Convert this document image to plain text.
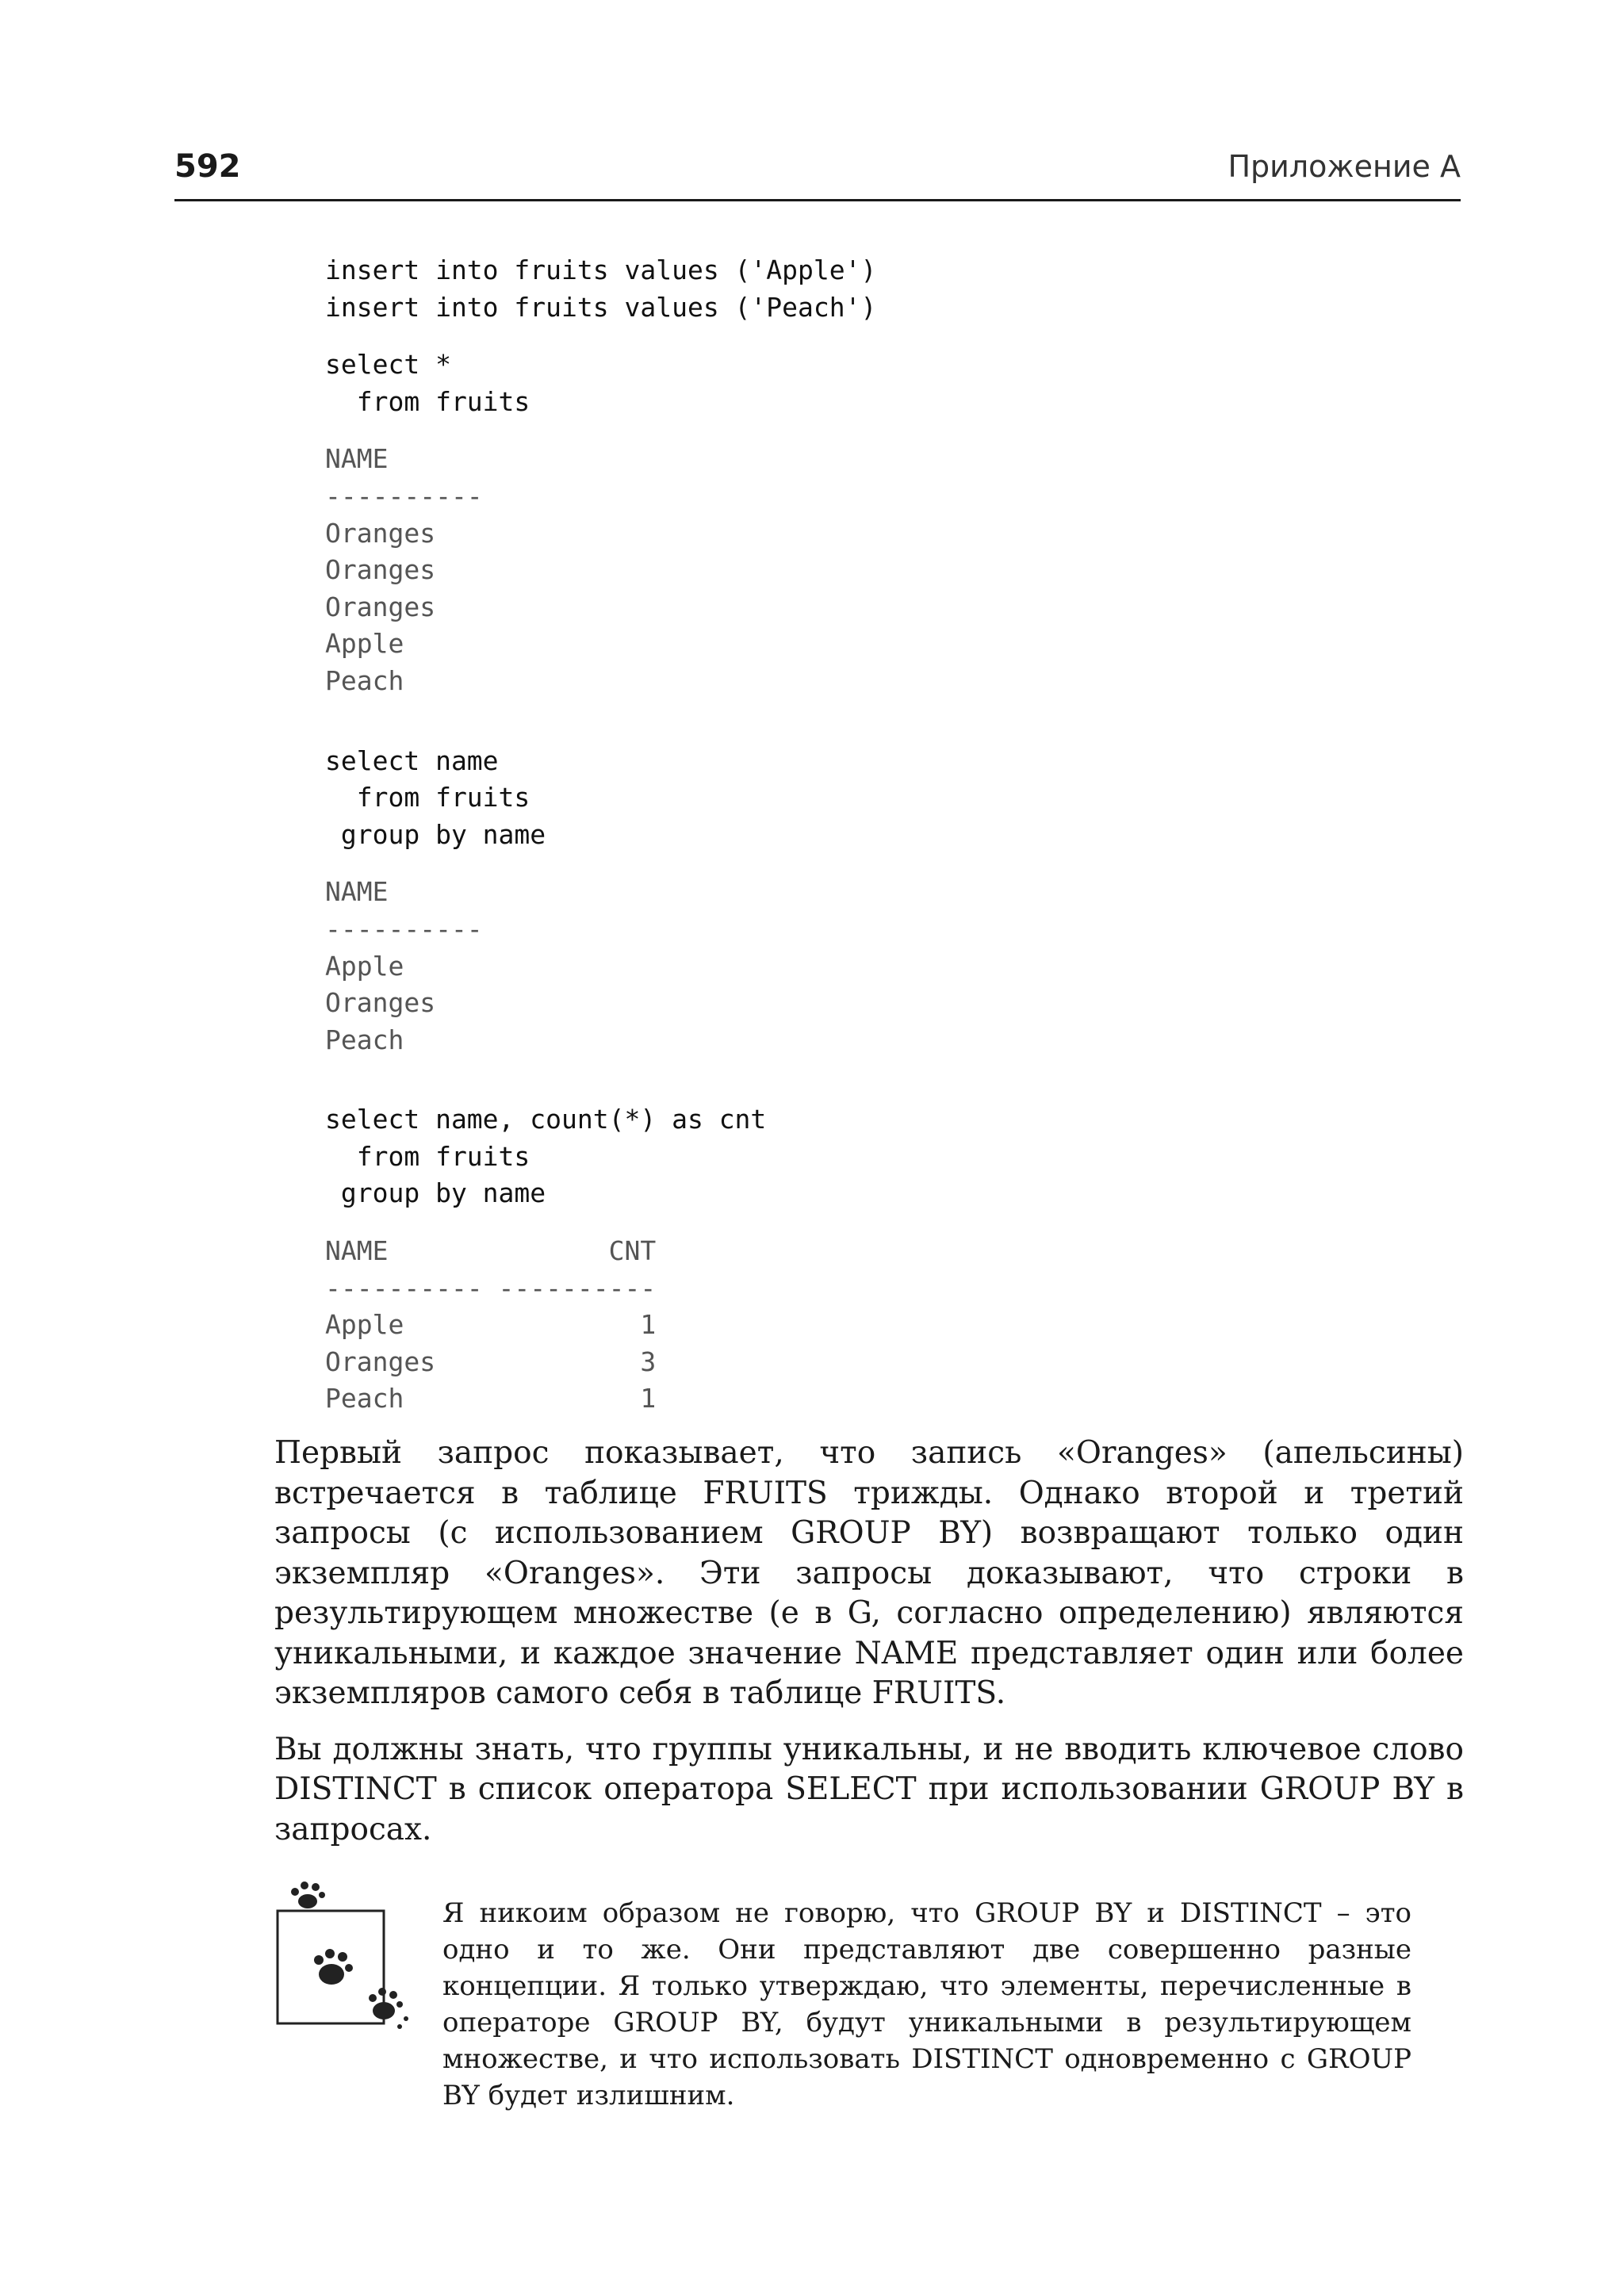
592	Приложение A
insert into fruits values ('Apple')
insert into fruits values ('Peach')
select *
from fruits
NAME
----------
Oranges
Oranges
Oranges
Apple
Peach
select name
from fruits
group by name
NAME
----------
Apple
Oranges
Peach
select name, count(*) as cnt
from fruits
group by name
NAME              CNT
---------- ----------
Apple               1
Oranges             3
Peach               1

Первый запрос показывает, что запись «Oranges» (апельсины) встречается в таблице FRUITS трижды. Однако второй и третий запросы (с использованием GROUP BY) возвращают только один экземпляр «Oranges». Эти запросы доказывают, что строки в результирующем множестве (e в G, согласно определению) являются уникальными, и каждое значение NAME представляет один или более экземпляров самого себя в таблице FRUITS.

Вы должны знать, что группы уникальны, и не вводить ключевое слово DISTINCT в список оператора SELECT при использовании GROUP BY в запросах.

Я никоим образом не говорю, что GROUP BY и DISTINCT – это одно и то же. Они представляют две совершенно разные концепции. Я только утверждаю, что элементы, перечисленные в операторе GROUP BY, будут уникальными в результирующем множестве, и что использовать DISTINCT одновременно с GROUP BY будет излишним.
